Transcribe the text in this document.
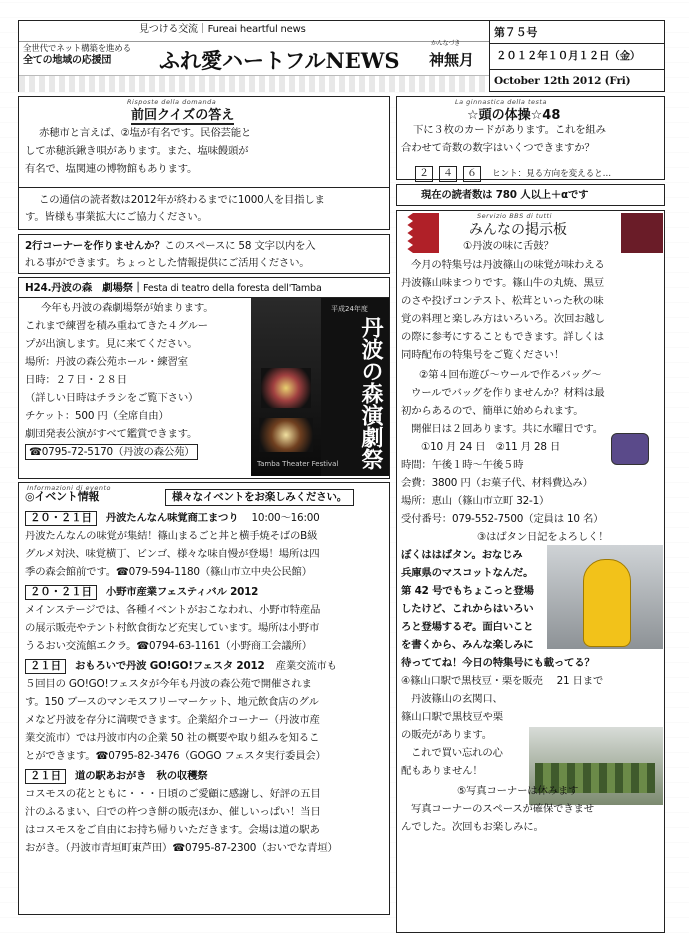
見つける交流｜Fureai heartful news
全世代でネット構築を進める
全ての地域の応援団 ふれ愛ハートフルNEWS
かんなづき
神無月
第７５号
２０１２年１０月１２日（金）
October 12th 2012 (Fri)
Risposte della domanda
前回クイズの答え
赤穂市と言えば、②塩が有名です。民俗芸能と
して赤穂浜鍬き唄があります。また、塩味饅頭が
有名で、塩関連の博物館もあります。
この通信の読者数は2012年が終わるまでに1000人を目指しま
す。皆様も事業拡大にご協力ください。
2行コーナーを作りませんか？このスペースに 58 文字以内を入
れる事ができます。ちょっとした情報提供にご活用ください。
H24.丹波の森　劇場祭｜Festa di teatro della foresta dell'Tamba
今年も丹波の森劇場祭が始まります。
これまで練習を積み重ねてきた４グルー
プが出演します。見に来てください。
場所：丹波の森公苑ホール・練習室
日時：２７日・２８日
（詳しい日時はチラシをご覧下さい）
チケット：500 円（全席自由）
劇団発表公演がすべて鑑賞できます。
☎0795-72-5170（丹波の森公苑）
平成24年度
丹波の森演劇祭
Tamba Theater Festival
Informazioni di evento
◎イベント情報	様々なイベントをお楽しみください。
２０・２１日 丹波たんなん味覚商工まつり 10:00～16:00
丹波たんなんの味覚が集結！篠山まるごと丼と横手焼そばのB級
グルメ対決、味覚横丁、ビンゴ、様々な味自慢が登場！場所は四
季の森会館前です。☎079-594-1180（篠山市立中央公民館）
２０・２１日 小野市産業フェスティバル 2012
メインステージでは、各種イベントがおこなわれ、小野市特産品
の展示販売やテント村飲食街など充実しています。場所は小野市
うるおい交流館エクラ。☎0794-63-1161（小野商工会議所）
２１日 おもろいで丹波 GO!GO!フェスタ 2012 産業交流市も
５回目の GO!GO!フェスタが今年も丹波の森公苑で開催されま
す。150 ブースのマンモスフリーマーケット、地元飲食店のグル
メなど丹波を存分に満喫できます。企業紹介コーナー（丹波市産
業交流市）では丹波市内の企業 50 社の概要や取り組みを知るこ
とができます。☎0795-82-3476（GOGO フェスタ実行委員会）
２１日 道の駅あおがき　秋の収穫祭
コスモスの花とともに・・・日頃のご愛顧に感謝し、好評の五目
汁のふるまい、臼での杵つき餅の販売ほか、催しいっぱい！当日
はコスモスをご自由にお持ち帰りいただきます。会場は道の駅あ
おがき。（丹波市青垣町東芦田）☎0795-87-2300（おいでな青垣）
La ginnastica della testa
☆頭の体操☆48
下に３枚のカードがあります。これを組み
合わせて奇数の数字はいくつできますか？
２ ４ ６ ヒント：見る方向を変えると…
現在の読者数は 780 人以上＋αです
Servizio BBS di tutti
みんなの掲示板
①丹波の味に舌鼓？
今月の特集号は丹波篠山の味覚が味わえる
丹波篠山味まつりです。篠山牛の丸焼、黒豆
のさや投げコンテスト、松茸といった秋の味
覚の料理と楽しみ方はいろいろ。次回お越し
の際に参考にすることもできます。詳しくは
同時配布の特集号をご覧ください！
②第４回布遊び～ウールで作るバッグ～
ウールでバッグを作りませんか？材料は最
初からあるので、簡単に始められます。
開催日は２回あります。共に水曜日です。
①10 月 24 日　②11 月 28 日
時間：午後１時～午後５時
会費：3800 円（お菓子代、材料費込み）
場所：恵山（篠山市立町 32-1）
受付番号：079-552-7500（定員は 10 名）
③はばタン日記をよろしく！
ぼくははばタン。おなじみ
兵庫県のマスコットなんだ。
第 42 号でもちょこっと登場
したけど、これからはいろい
ろと登場するぞ。面白いこと
を書くから、みんな楽しみに
待っててね！今日の特集号にも載ってる？
④篠山口駅で黒枝豆・栗を販売 21 日まで
丹波篠山の玄関口、
篠山口駅で黒枝豆や栗
の販売があります。
これで買い忘れの心
配もありません！
⑤写真コーナーは休みます
写真コーナーのスペースが確保できませ
んでした。次回もお楽しみに。
